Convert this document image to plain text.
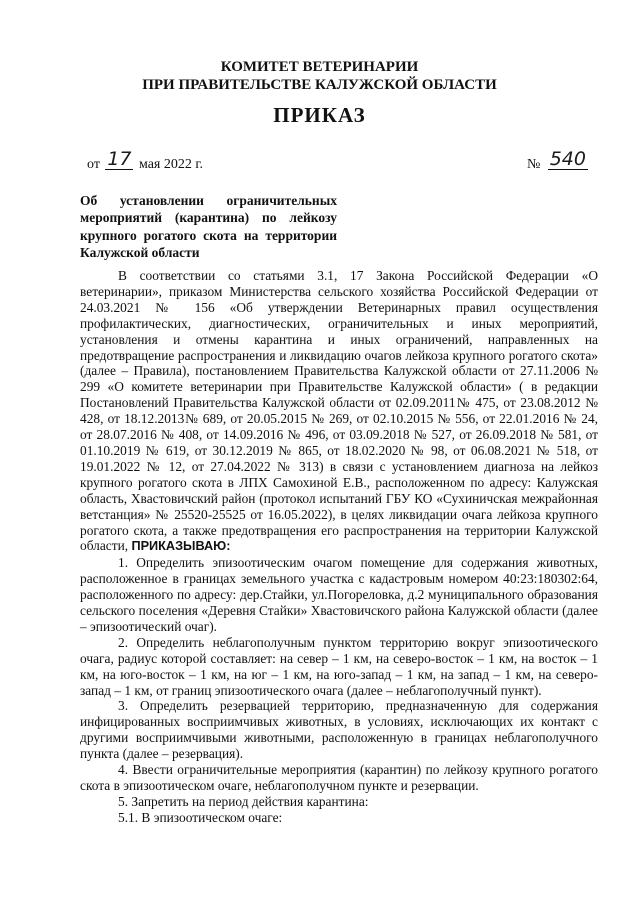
КОМИТЕТ ВЕТЕРИНАРИИ
ПРИ ПРАВИТЕЛЬСТВЕ КАЛУЖСКОЙ ОБЛАСТИ
ПРИКАЗ
от 17 мая 2022 г.	№ 540
Об установлении ограничительных мероприятий (карантина) по лейкозу крупного рогатого скота на территории Калужской области

В соответствии со статьями 3.1, 17 Закона Российской Федерации «О ветеринарии», приказом Министерства сельского хозяйства Российской Федерации от 24.03.2021 № 156 «Об утверждении Ветеринарных правил осуществления профилактических, диагностических, ограничительных и иных мероприятий, установления и отмены карантина и иных ограничений, направленных на предотвращение распространения и ликвидацию очагов лейкоза крупного рогатого скота» (далее – Правила), постановлением Правительства Калужской области от 27.11.2006 № 299 «О комитете ветеринарии при Правительстве Калужской области» ( в редакции Постановлений Правительства Калужской области от 02.09.2011№ 475, от 23.08.2012 № 428, от 18.12.2013№ 689, от 20.05.2015 № 269, от 02.10.2015 № 556, от 22.01.2016 № 24, от 28.07.2016 № 408, от 14.09.2016 № 496, от 03.09.2018 № 527, от 26.09.2018 № 581, от 01.10.2019 № 619, от 30.12.2019 № 865, от 18.02.2020 № 98, от 06.08.2021 № 518, от 19.01.2022 № 12, от 27.04.2022 № 313) в связи с установлением диагноза на лейкоз крупного рогатого скота в ЛПХ Самохиной Е.В., расположенном по адресу: Калужская область, Хвастовичский район (протокол испытаний ГБУ КО «Сухиничская межрайонная ветстанция» № 25520-25525 от 16.05.2022), в целях ликвидации очага лейкоза крупного рогатого скота, а также предотвращения его распространения на территории Калужской области, ПРИКАЗЫВАЮ:

1. Определить эпизоотическим очагом помещение для содержания животных, расположенное в границах земельного участка с кадастровым номером 40:23:180302:64, расположенного по адресу: дер.Стайки, ул.Погореловка, д.2 муниципального образования сельского поселения «Деревня Стайки» Хвастовичского района Калужской области (далее – эпизоотический очаг).

2. Определить неблагополучным пунктом территорию вокруг эпизоотического очага, радиус которой составляет: на север – 1 км, на северо-восток – 1 км, на восток – 1 км, на юго-восток – 1 км, на юг – 1 км, на юго-запад – 1 км, на запад – 1 км, на северо-запад – 1 км, от границ эпизоотического очага (далее – неблагополучный пункт).

3. Определить резервацией территорию, предназначенную для содержания инфицированных восприимчивых животных, в условиях, исключающих их контакт с другими восприимчивыми животными, расположенную в границах неблагополучного пункта (далее – резервация).

4. Ввести ограничительные мероприятия (карантин) по лейкозу крупного рогатого скота в эпизоотическом очаге, неблагополучном пункте и резервации.

5. Запретить на период действия карантина:

5.1. В эпизоотическом очаге:
